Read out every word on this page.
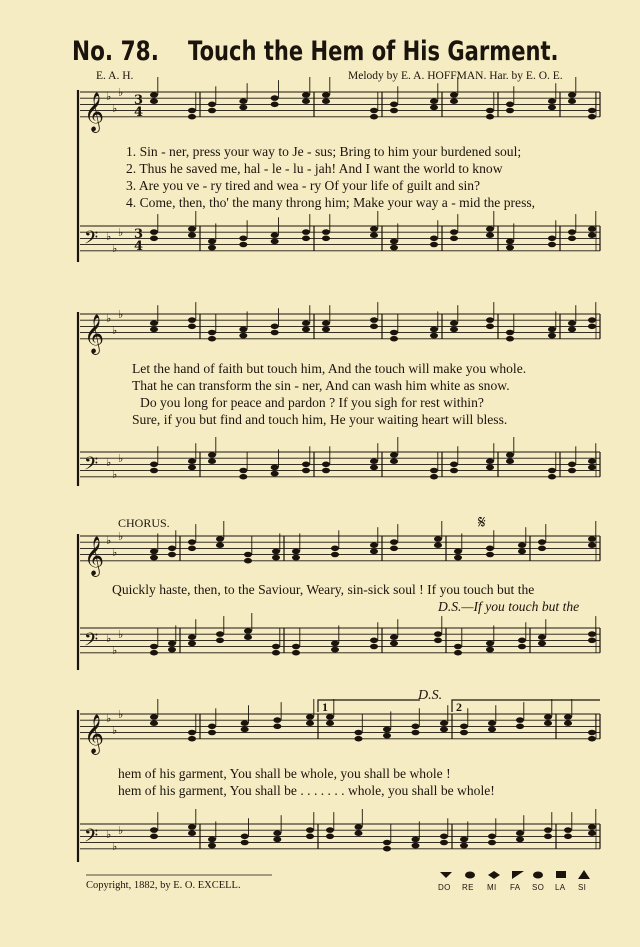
No. 78. Touch the Hem of His Garment.
E. A. H.	Melody by E. A. HOFFMAN. Har. by E. O. E.
𝄞 ♭
♭
♭
𝄢 ♭
♭
♭
𝄞 ♭
♭
♭
𝄢 ♭
♭
♭
𝄞 ♭
♭
♭
𝄢 ♭
♭
♭
𝄞 ♭
♭
♭
𝄢 ♭
♭
♭
3
4
3
4
1. Sin - ner, press your way to Je - sus; Bring to him your burdened soul;
2. Thus he saved me, hal - le - lu - jah! And I want the world to know
3. Are you ve - ry tired and wea - ry Of your life of guilt and sin?
4. Come, then, tho' the many throng him; Make your way a - mid the press,
Let the hand of faith but touch him, And the touch will make you whole.
That he can transform the sin - ner, And can wash him white as snow.
Do you long for peace and pardon ? If you sigh for rest within?
Sure, if you but find and touch him, He your waiting heart will bless.
CHORUS.	𝄋
Quickly haste, then, to the Saviour, Weary, sin-sick soul ! If you touch but the
D.S.—If you touch but the
D.S.
1	2
hem of his garment, You shall be whole, you shall be whole !
hem of his garment, You shall be . . . . . . . whole, you shall be whole!
Copyright, 1882, by E. O. EXCELL.	DO RE MI FA SO LA SI
